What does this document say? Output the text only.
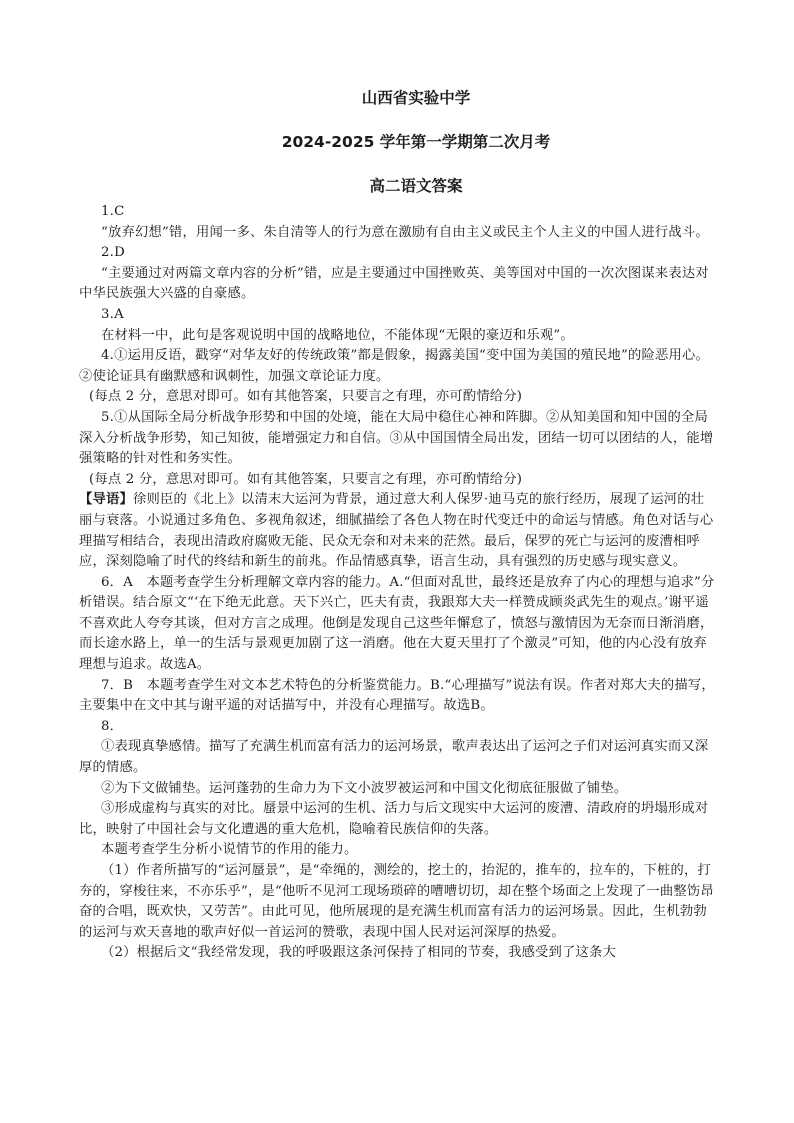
山西省实验中学
2024-2025 学年第一学期第二次月考
高二语文答案

1.C

“放弃幻想”错，用闻一多、朱自清等人的行为意在激励有自由主义或民主个人主义的中国人进行战斗。

2.D

“主要通过对两篇文章内容的分析”错，应是主要通过中国挫败英、美等国对中国的一次次图谋来表达对中华民族强大兴盛的自豪感。

3.A

在材料一中，此句是客观说明中国的战略地位，不能体现“无限的豪迈和乐观”。

4.①运用反语，戳穿“对华友好的传统政策”都是假象，揭露美国“变中国为美国的殖民地”的险恶用心。②使论证具有幽默感和讽刺性，加强文章论证力度。

(每点 2 分，意思对即可。如有其他答案，只要言之有理，亦可酌情给分)

5.①从国际全局分析战争形势和中国的处境，能在大局中稳住心神和阵脚。②从知美国和知中国的全局深入分析战争形势，知己知彼，能增强定力和自信。③从中国国情全局出发，团结一切可以团结的人，能增强策略的针对性和务实性。

(每点 2 分，意思对即可。如有其他答案，只要言之有理，亦可酌情给分)

【导语】徐则臣的《北上》以清末大运河为背景，通过意大利人保罗·迪马克的旅行经历，展现了运河的壮丽与衰落。小说通过多角色、多视角叙述，细腻描绘了各色人物在时代变迁中的命运与情感。角色对话与心理描写相结合，表现出清政府腐败无能、民众无奈和对未来的茫然。最后，保罗的死亡与运河的废漕相呼应，深刻隐喻了时代的终结和新生的前兆。作品情感真挚，语言生动，具有强烈的历史感与现实意义。

6．A　本题考查学生分析理解文章内容的能力。A.“但面对乱世，最终还是放弃了内心的理想与追求”分析错误。结合原文“‘在下绝无此意。天下兴亡，匹夫有责，我跟郑大夫一样赞成顾炎武先生的观点。’谢平遥不喜欢此人夸夸其谈，但对方言之成理。他倒是发现自己这些年懈怠了，愤怒与激情因为无奈而日渐消磨，而长途水路上，单一的生活与景观更加剧了这一消磨。他在大夏天里打了个激灵”可知，他的内心没有放弃理想与追求。故选A。

7．B　本题考查学生对文本艺术特色的分析鉴赏能力。B.“心理描写”说法有误。作者对郑大夫的描写，主要集中在文中其与谢平遥的对话描写中，并没有心理描写。故选B。

8．

①表现真挚感情。描写了充满生机而富有活力的运河场景，歌声表达出了运河之子们对运河真实而又深厚的情感。

②为下文做铺垫。运河蓬勃的生命力为下文小波罗被运河和中国文化彻底征服做了铺垫。

③形成虚构与真实的对比。蜃景中运河的生机、活力与后文现实中大运河的废漕、清政府的坍塌形成对比，映射了中国社会与文化遭遇的重大危机，隐喻着民族信仰的失落。

本题考查学生分析小说情节的作用的能力。

（1）作者所描写的“运河蜃景”，是“牵绳的，测绘的，挖土的，抬泥的，推车的，拉车的，下桩的，打夯的，穿梭往来，不亦乐乎”，是“他听不见河工现场琐碎的嘈嘈切切，却在整个场面之上发现了一曲整饬昂奋的合唱，既欢快，又劳苦”。由此可见，他所展现的是充满生机而富有活力的运河场景。因此，生机勃勃的运河与欢天喜地的歌声好似一首运河的赞歌，表现中国人民对运河深厚的热爱。

（2）根据后文“我经常发现，我的呼吸跟这条河保持了相同的节奏，我感受到了这条大
